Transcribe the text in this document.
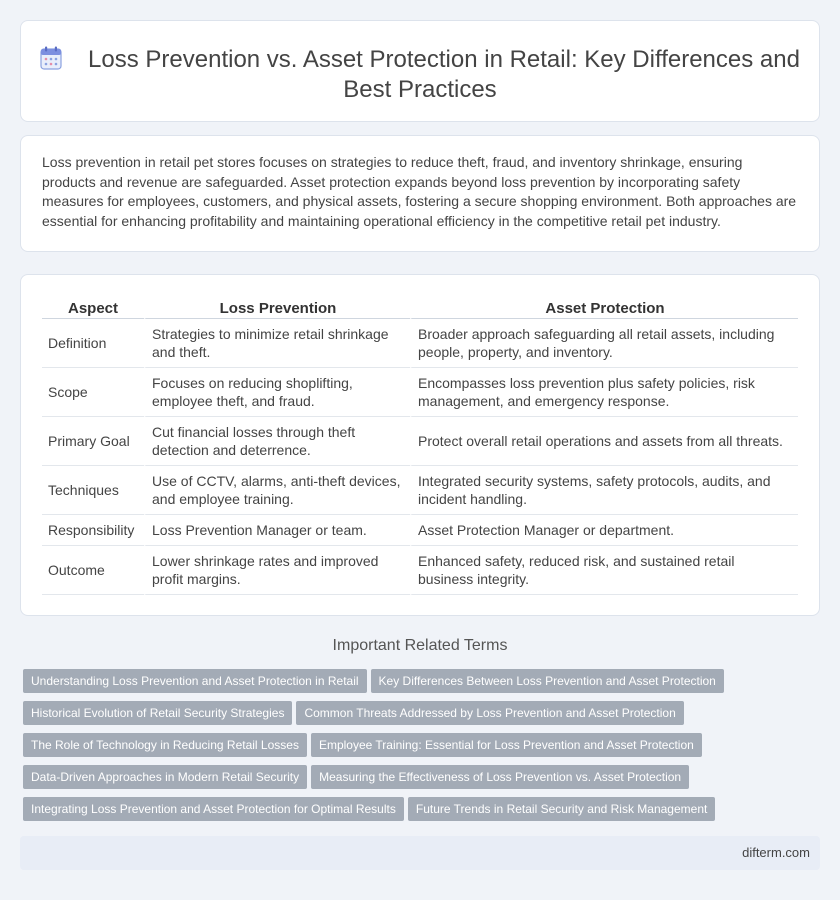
Loss Prevention vs. Asset Protection in Retail: Key Differences and Best Practices

Loss prevention in retail pet stores focuses on strategies to reduce theft, fraud, and inventory shrinkage, ensuring products and revenue are safeguarded. Asset protection expands beyond loss prevention by incorporating safety measures for employees, customers, and physical assets, fostering a secure shopping environment. Both approaches are essential for enhancing profitability and maintaining operational efficiency in the competitive retail pet industry.

Aspect	Loss Prevention	Asset Protection
Definition	Strategies to minimize retail shrinkage and theft.	Broader approach safeguarding all retail assets, including people, property, and inventory.
Scope	Focuses on reducing shoplifting, employee theft, and fraud.	Encompasses loss prevention plus safety policies, risk management, and emergency response.
Primary Goal	Cut financial losses through theft detection and deterrence.	Protect overall retail operations and assets from all threats.
Techniques	Use of CCTV, alarms, anti-theft devices, and employee training.	Integrated security systems, safety protocols, audits, and incident handling.
Responsibility	Loss Prevention Manager or team.	Asset Protection Manager or department.
Outcome	Lower shrinkage rates and improved profit margins.	Enhanced safety, reduced risk, and sustained retail business integrity.
Important Related Terms
Understanding Loss Prevention and Asset Protection in Retail Key Differences Between Loss Prevention and Asset Protection
Historical Evolution of Retail Security Strategies Common Threats Addressed by Loss Prevention and Asset Protection
The Role of Technology in Reducing Retail Losses Employee Training: Essential for Loss Prevention and Asset Protection
Data-Driven Approaches in Modern Retail Security Measuring the Effectiveness of Loss Prevention vs. Asset Protection
Integrating Loss Prevention and Asset Protection for Optimal Results Future Trends in Retail Security and Risk Management
difterm.com
